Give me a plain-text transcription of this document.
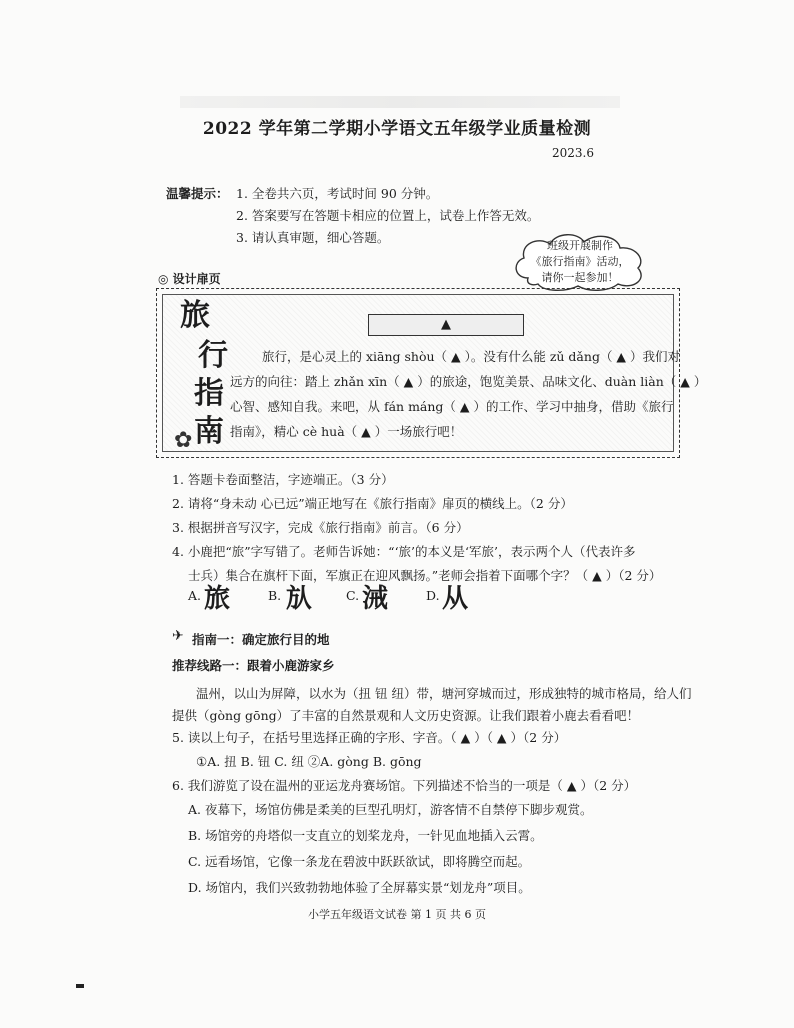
2022 学年第二学期小学语文五年级学业质量检测
2023.6
温馨提示： 1. 全卷共六页，考试时间 90 分钟。
2. 答案要写在答题卡相应的位置上，试卷上作答无效。
3. 请认真审题，细心答题。
班级开展制作
《旅行指南》活动，
请你一起参加！
◎ 设计扉页
旅
行
指
南
✿
▲
旅行，是心灵上的 xiāng shòu（ ▲ ）。没有什么能 zǔ dǎng（ ▲ ）我们对
远方的向往：踏上 zhǎn xīn（ ▲ ）的旅途，饱览美景、品味文化、duàn liàn（ ▲ ）
心智、感知自我。来吧，从 fán máng（ ▲ ）的工作、学习中抽身，借助《旅行
指南》，精心 cè huà（ ▲ ）一场旅行吧！
1. 答题卡卷面整洁，字迹端正。（3 分）
2. 请将“身未动 心已远”端正地写在《旅行指南》扉页的横线上。（2 分）
3. 根据拼音写汉字，完成《旅行指南》前言。（6 分）
4. 小鹿把“旅”字写错了。老师告诉她：“‘旅’的本义是‘军旅’，表示两个人（代表许多
士兵）集合在旗杆下面，军旗正在迎风飘扬。”老师会指着下面哪个字？（ ▲ ）（2 分）
A. 旅	B. 㫃	C. 㳦	D. 从
✈ 指南一：确定旅行目的地
推荐线路一：跟着小鹿游家乡
温州，以山为屏障，以水为（扭 钮 纽）带，塘河穿城而过，形成独特的城市格局，给人们
提供（gòng gōng）了丰富的自然景观和人文历史资源。让我们跟着小鹿去看看吧！
5. 读以上句子，在括号里选择正确的字形、字音。（ ▲ ）（ ▲ ）（2 分）
①A. 扭 B. 钮 C. 纽 ②A. gòng B. gōng
6. 我们游览了设在温州的亚运龙舟赛场馆。下列描述不恰当的一项是（ ▲ ）（2 分）
A. 夜幕下，场馆仿佛是柔美的巨型孔明灯，游客情不自禁停下脚步观赏。
B. 场馆旁的舟塔似一支直立的划桨龙舟，一针见血地插入云霄。
C. 远看场馆，它像一条龙在碧波中跃跃欲试，即将腾空而起。
D. 场馆内，我们兴致勃勃地体验了全屏幕实景“划龙舟”项目。
小学五年级语文试卷 第 1 页 共 6 页
